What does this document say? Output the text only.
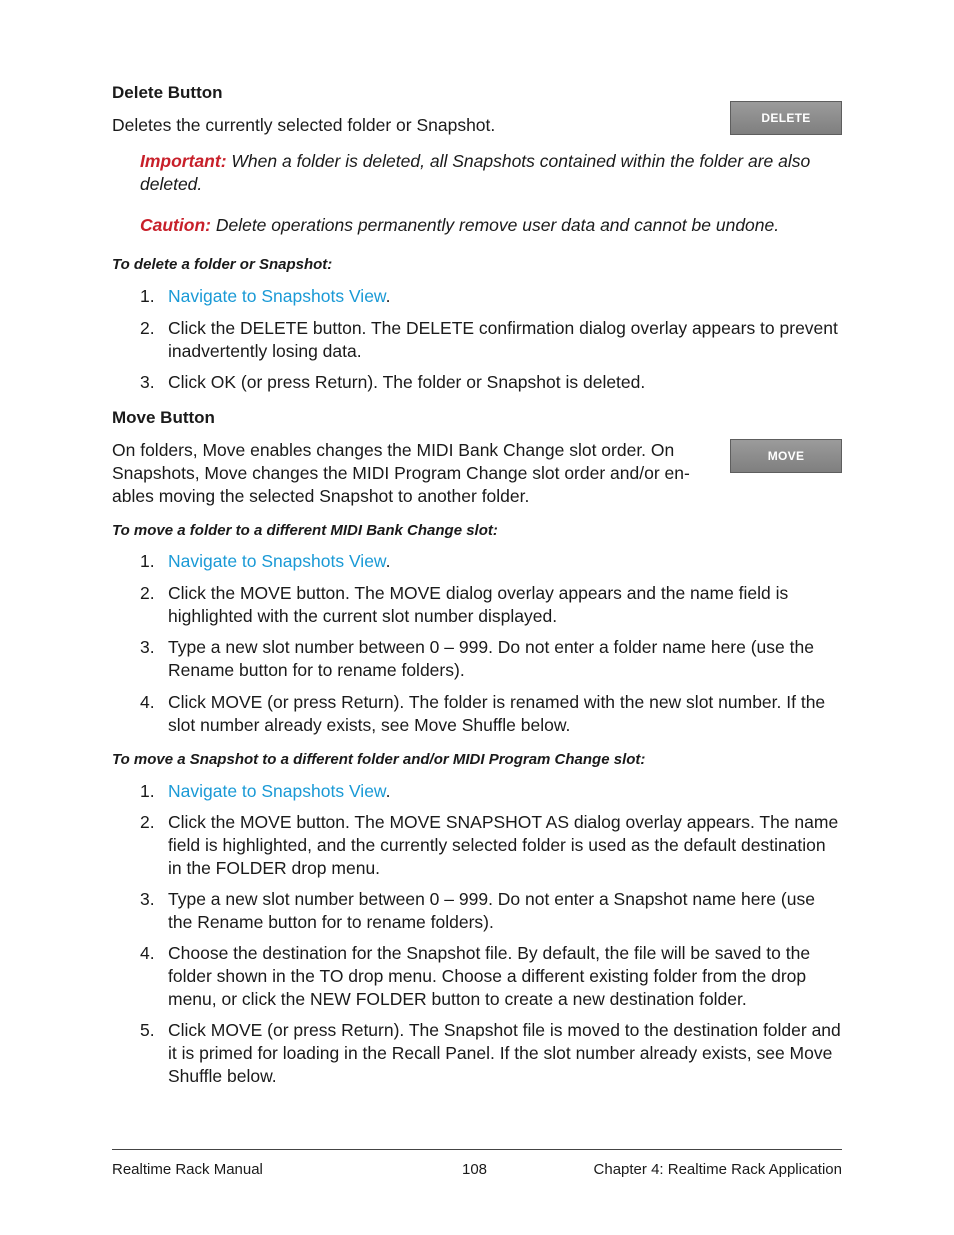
Delete Button
Deletes the currently selected folder or Snapshot.	DELETE
Important: When a folder is deleted, all Snapshots contained within the folder are also deleted.
Caution: Delete operations permanently remove user data and cannot be undone.
To delete a folder or Snapshot:
1. Navigate to Snapshots View.
2. Click the DELETE button. The DELETE confirmation dialog overlay appears to prevent inadvertently losing data.
3. Click OK (or press Return). The folder or Snapshot is deleted.
Move Button
On folders, Move enables changes the MIDI Bank Change slot order. On Snapshots, Move changes the MIDI Program Change slot order and/or en-ables moving the selected Snapshot to another folder.
MOVE
To move a folder to a different MIDI Bank Change slot:
1. Navigate to Snapshots View.
2. Click the MOVE button. The MOVE dialog overlay appears and the name field is highlighted with the current slot number displayed.
3. Type a new slot number between 0 – 999. Do not enter a folder name here (use the Rename button for to rename folders).
4. Click MOVE (or press Return). The folder is renamed with the new slot number. If the slot number already exists, see Move Shuffle below.
To move a Snapshot to a different folder and/or MIDI Program Change slot:
1. Navigate to Snapshots View.
2. Click the MOVE button. The MOVE SNAPSHOT AS dialog overlay appears. The name field is highlighted, and the currently selected folder is used as the default destination in the FOLDER drop menu.
3. Type a new slot number between 0 – 999. Do not enter a Snapshot name here (use the Rename button for to rename folders).
4. Choose the destination for the Snapshot file. By default, the file will be saved to the folder shown in the TO drop menu. Choose a different existing folder from the drop menu, or click the NEW FOLDER button to create a new destination folder.
5. Click MOVE (or press Return). The Snapshot file is moved to the destination folder and it is primed for loading in the Recall Panel. If the slot number already exists, see Move Shuffle below.
Realtime Rack Manual	108	Chapter 4: Realtime Rack Application
